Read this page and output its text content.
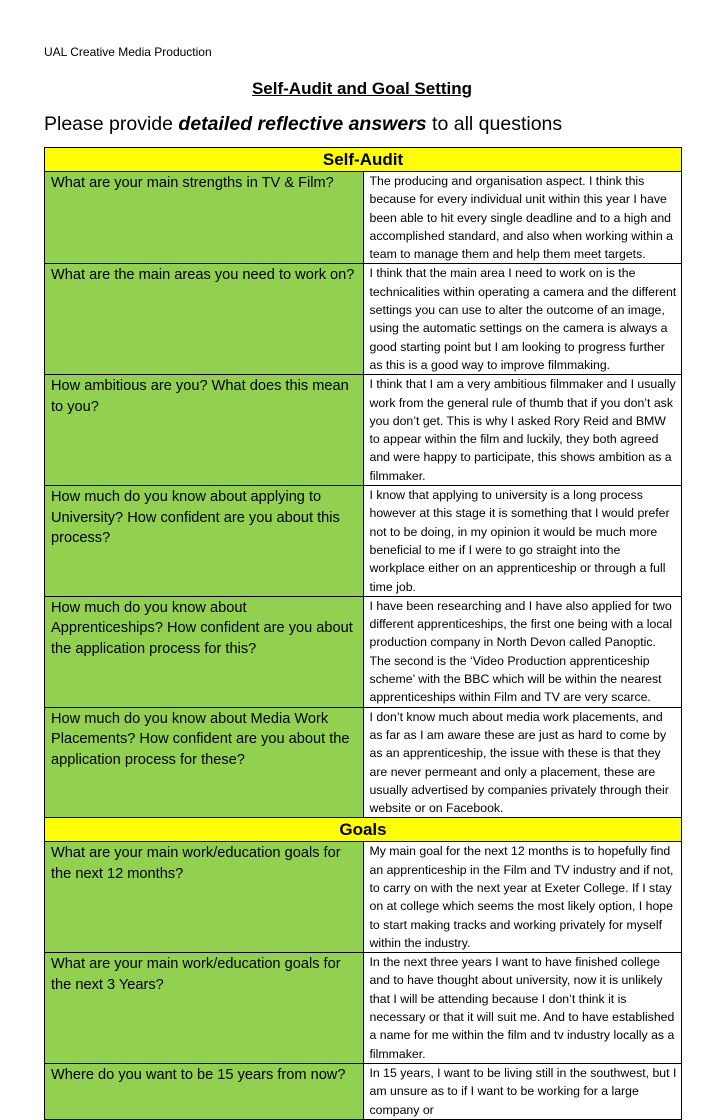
UAL Creative Media Production
Self-Audit and Goal Setting
Please provide detailed reflective answers to all questions
Self-Audit	
What are your main strengths in TV & Film?	The producing and organisation aspect. I think this because for every individual unit within this year I have been able to hit every single deadline and to a high and accomplished standard, and also when working within a team to manage them and help them meet targets.
What are the main areas you need to work on?	I think that the main area I need to work on is the technicalities within operating a camera and the different settings you can use to alter the outcome of an image, using the automatic settings on the camera is always a good starting point but I am looking to progress further as this is a good way to improve filmmaking.
How ambitious are you? What does this mean to you?	I think that I am a very ambitious filmmaker and I usually work from the general rule of thumb that if you don’t ask you don’t get. This is why I asked Rory Reid and BMW to appear within the film and luckily, they both agreed and were happy to participate, this shows ambition as a filmmaker.
How much do you know about applying to University? How confident are you about this process?	I know that applying to university is a long process however at this stage it is something that I would prefer not to be doing, in my opinion it would be much more beneficial to me if I were to go straight into the workplace either on an apprenticeship or through a full time job.
How much do you know about Apprenticeships? How confident are you about the application process for this?	I have been researching and I have also applied for two different apprenticeships, the first one being with a local production company in North Devon called Panoptic. The second is the ‘Video Production apprenticeship scheme’ with the BBC which will be within the nearest apprenticeships within Film and TV are very scarce.
How much do you know about Media Work Placements? How confident are you about the application process for these?	I don’t know much about media work placements, and as far as I am aware these are just as hard to come by as an apprenticeship, the issue with these is that they are never permeant and only a placement, these are usually advertised by companies privately through their website or on Facebook.
Goals	
What are your main work/education goals for the next 12 months?	My main goal for the next 12 months is to hopefully find an apprenticeship in the Film and TV industry and if not, to carry on with the next year at Exeter College. If I stay on at college which seems the most likely option, I hope to start making tracks and working privately for myself within the industry.
What are your main work/education goals for the next 3 Years?	In the next three years I want to have finished college and to have thought about university, now it is unlikely that I will be attending because I don’t think it is necessary or that it will suit me. And to have established a name for me within the film and tv industry locally as a filmmaker.
Where do you want to be 15 years from now?	In 15 years, I want to be living still in the southwest, but I am unsure as to if I want to be working for a large company or
